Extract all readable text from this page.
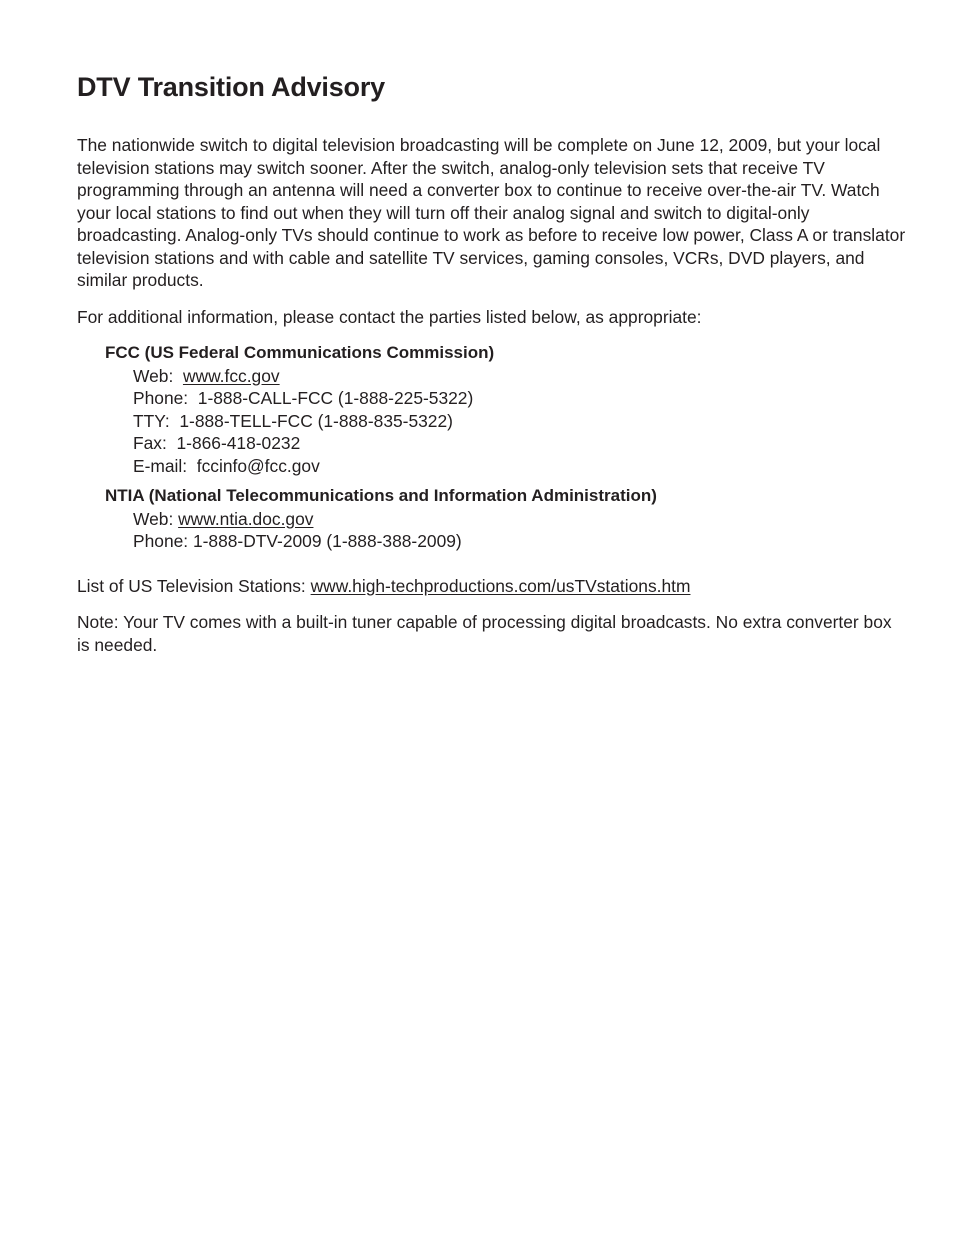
DTV Transition Advisory

The nationwide switch to digital television broadcasting will be complete on June 12, 2009, but your local television stations may switch sooner. After the switch, analog-only television sets that receive TV programming through an antenna will need a converter box to continue to receive over-the-air TV. Watch your local stations to find out when they will turn off their analog signal and switch to digital-only broadcasting. Analog-only TVs should continue to work as before to receive low power, Class A or translator television stations and with cable and satellite TV services, gaming consoles, VCRs, DVD players, and similar products.

For additional information, please contact the parties listed below, as appropriate:

FCC (US Federal Communications Commission)

Web:  www.fcc.gov

Phone:  1-888-CALL-FCC (1-888-225-5322)

TTY:  1-888-TELL-FCC (1-888-835-5322)

Fax:  1-866-418-0232

E-mail:  fccinfo@fcc.gov

NTIA (National Telecommunications and Information Administration)

Web: www.ntia.doc.gov

Phone: 1-888-DTV-2009 (1-888-388-2009)

List of US Television Stations: www.high-techproductions.com/usTVstations.htm

Note: Your TV comes with a built-in tuner capable of processing digital broadcasts. No extra converter box is needed.
